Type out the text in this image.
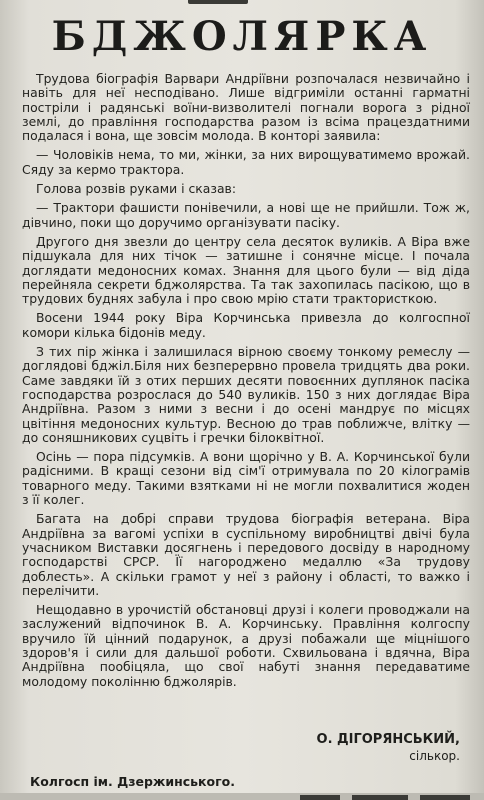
БДЖОЛЯРКА

Трудова біографія Варвари Андріївни розпочалася незвичайно і навіть для неї несподівано. Лише відгриміли останні гарматні постріли і радянські воїни-визволителі погнали ворога з рідної землі, до правління господарства разом із всіма працездатними подалася і вона, ще зовсім молода. В конторі заявила:

— Чоловіків нема, то ми, жінки, за них вирощуватимемо врожай. Сяду за кермо трактора.

Голова розвів руками і сказав:

— Трактори фашисти понівечили, а нові ще не прийшли. Тож ж, дівчино, поки що доручимо організувати пасіку.

Другого дня звезли до центру села десяток вуликів. А Віра вже підшукала для них тічок — затишне і сонячне місце. І почала доглядати медоносних комах. Знання для цього були — від діда перейняла секрети бджолярства. Та так захопилась пасікою, що в трудових буднях забула і про свою мрію стати трактористкою.

Восени 1944 року Віра Корчинська привезла до колгоспної комори кілька бідонів меду.

З тих пір жінка і залишилася вірною своєму тонкому ремеслу — доглядові бджіл.Біля них безперервно провела тридцять два роки. Саме завдяки їй з отих перших десяти повоєнних дуплянок пасіка господарства розрослася до 540 вуликів. 150 з них доглядає Віра Андріївна. Разом з ними з весни і до осені мандрує по місцях цвітіння медоносних культур. Весною до трав поближче, влітку — до соняшникових суцвіть і гречки білоквітної.

Осінь — пора підсумків. А вони щорічно у В. А. Корчинської були радісними. В кращі сезони від сім'ї отримувала по 20 кілограмів товарного меду. Такими взятками ні не могли похвалитися жоден з її колег.

Багата на добрі справи трудова біографія ветерана. Віра Андріївна за вагомі успіхи в суспільному виробництві двічі була учасником Виставки досягнень і передового досвіду в народному господарстві СРСР. Її нагороджено медаллю «За трудову доблесть». А скільки грамот у неї з району і області, то важко і перелічити.

Нещодавно в урочистій обстановці друзі і колеги проводжали на заслужений відпочинок В. А. Корчинську. Правління колгоспу вручило їй цінний подарунок, а друзі побажали ще міцнішого здоров'я і сили для дальшої роботи. Схвильована і вдячна, Віра Андріївна пообіцяла, що свої набуті знання передаватиме молодому поколінню бджолярів.

О. ДІГОРЯНСЬКИЙ,
сількор.
Колгосп ім. Дзержинського.
